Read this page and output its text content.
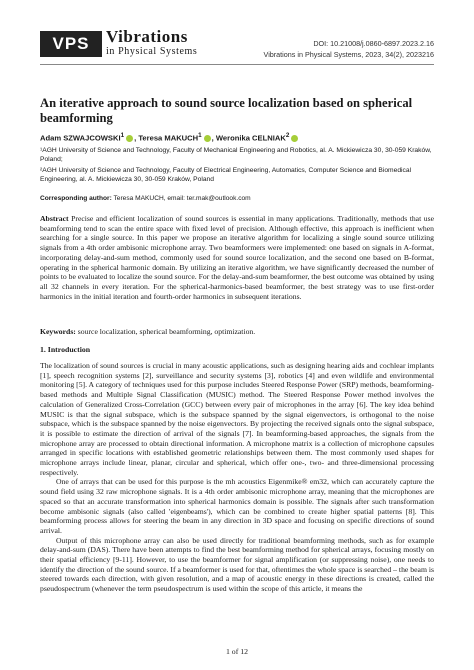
VPS Vibrations
in Physical Systems
DOI: 10.21008/j.0860-6897.2023.2.16
Vibrations in Physical Systems, 2023, 34(2), 2023216
An iterative approach to sound source localization based on spherical beamforming
Adam SZWAJCOWSKI$^1$ , Teresa MAKUCH$^1$ , Weronika CELNIAK$^2$
¹AGH University of Science and Technology, Faculty of Mechanical Engineering and Robotics, al. A. Mickiewicza 30, 30-059 Kraków, Poland;
²AGH University of Science and Technology, Faculty of Electrical Engineering, Automatics, Computer Science and Biomedical Engineering, al. A. Mickiewicza 30, 30-059 Kraków, Poland
Corresponding author: Teresa MAKUCH, email: ter.mak@outlook.com
Abstract Precise and efficient localization of sound sources is essential in many applications. Traditionally, methods that use beamforming tend to scan the entire space with fixed level of precision. Although effective, this approach is inefficient when searching for a single source. In this paper we propose an iterative algorithm for localizing a single sound source utilizing signals from a 4th order ambisonic microphone array. Two beamformers were implemented: one based on signals in A-format, incorporating delay-and-sum method, commonly used for sound source localization, and the second one based on B-format, operating in the spherical harmonic domain. By utilizing an iterative algorithm, we have significantly decreased the number of points to be evaluated to localize the sound source. For the delay-and-sum beamformer, the best outcome was obtained by using all 32 channels in every iteration. For the spherical-harmonics-based beamformer, the best strategy was to use first-order harmonics in the initial iteration and fourth-order harmonics in subsequent iterations.
Keywords: source localization, spherical beamforming, optimization.
1. Introduction

The localization of sound sources is crucial in many acoustic applications, such as designing hearing aids and cochlear implants [1], speech recognition systems [2], surveillance and security systems [3], robotics [4] and even wildlife and environmental monitoring [5]. A category of techniques used for this purpose includes Steered Response Power (SRP) methods, beamforming-based methods and Multiple Signal Classification (MUSIC) method. The Steered Response Power method involves the calculation of Generalized Cross-Correlation (GCC) between every pair of microphones in the array [6]. The key idea behind MUSIC is that the signal subspace, which is the subspace spanned by the signal eigenvectors, is orthogonal to the noise subspace, which is the subspace spanned by the noise eigenvectors. By projecting the received signals onto the signal subspace, it is possible to estimate the direction of arrival of the signals [7]. In beamforming-based approaches, the signals from the microphone array are processed to obtain directional information. A microphone matrix is a collection of microphone capsules arranged in specific locations with established geometric relationships between them. The most commonly used shapes for microphone arrays include linear, planar, circular and spherical, which offer one-, two- and three-dimensional processing respectively.

One of arrays that can be used for this purpose is the mh acoustics Eigenmike® em32, which can accurately capture the sound field using 32 raw microphone signals. It is a 4th order ambisonic microphone array, meaning that the microphones are spaced so that an accurate transformation into spherical harmonics domain is possible. The signals after such transformation become ambisonic signals (also called 'eigenbeams'), which can be combined to create higher spatial patterns [8]. This beamforming process allows for steering the beam in any direction in 3D space and focusing on specific directions of sound arrival.

Output of this microphone array can also be used directly for traditional beamforming methods, such as for example delay-and-sum (DAS). There have been attempts to find the best beamforming method for spherical arrays, focusing mostly on their spatial efficiency [9-11]. However, to use the beamformer for signal amplification (or suppressing noise), one needs to identify the direction of the sound source. If a beamformer is used for that, oftentimes the whole space is searched – the beam is steered towards each direction, with given resolution, and a map of acoustic energy in these directions is created, called the pseudospectrum (whenever the term pseudospectrum is used within the scope of this article, it means the

1 of 12
